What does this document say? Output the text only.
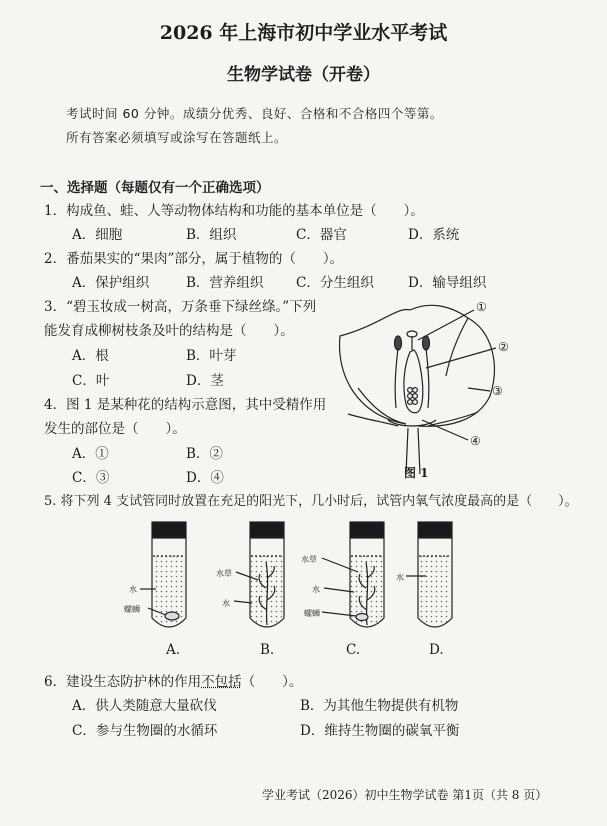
2026 年上海市初中学业水平考试
生物学试卷（开卷）
考试时间 60 分钟。成绩分优秀、良好、合格和不合格四个等第。
所有答案必须填写或涂写在答题纸上。
一、选择题（每题仅有一个正确选项）
1．构成鱼、蛙、人等动物体结构和功能的基本单位是（　　）。
A．细胞	B．组织	C．器官	D．系统
2．番茄果实的“果肉”部分，属于植物的（　　）。
A．保护组织	B．营养组织 C．分生组织	D．输导组织
3．“碧玉妆成一树高，万条垂下绿丝绦。”下列
能发育成柳树枝条及叶的结构是（　　）。
A．根	B．叶芽
C．叶	D．茎
4．图 1 是某种花的结构示意图，其中受精作用
发生的部位是（　　）。
A．①	B．②
C．③	D．④
①
②
③
④
图 1
5. 将下列 4 支试管同时放置在充足的阳光下，几小时后，试管内氧气浓度最高的是（　　）。
水
螺蛳
水草
水
水草
水
螺蛳
水
A.	B.	C.	D.
6．建设生态防护林的作用不包括（　　）。
A．供人类随意大量砍伐	B．为其他生物提供有机物
C．参与生物圈的水循环	D．维持生物圈的碳氧平衡
学业考试（2026）初中生物学试卷 第1页（共 8 页）
